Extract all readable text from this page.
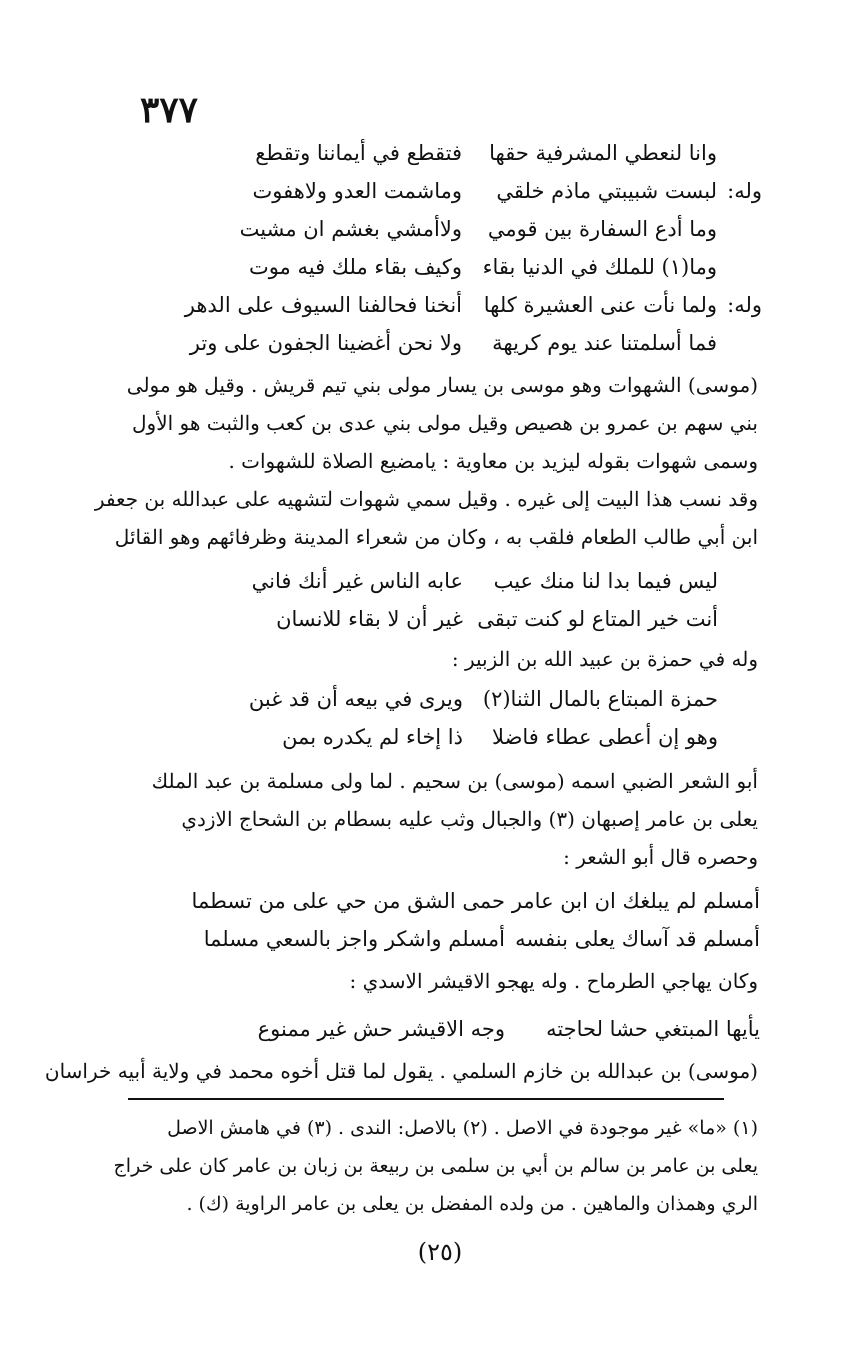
٣٧٧
وانا لنعطي المشرفية حقها
فتقطع في أيماننا وتقطع
وله:
لبست شبيبتي ماذم خلقي
وماشمت العدو ولاهفوت
وما أدع السفارة بين قومي
ولاأمشي بغشم ان مشيت
وما(١) للملك في الدنيا بقاء
وكيف بقاء ملك فيه موت
وله:
ولما نأت عنى العشيرة كلها
أنخنا فحالفنا السيوف على الدهر
فما أسلمتنا عند يوم كريهة
ولا نحن أغضينا الجفون على وتر
(موسى) الشهوات وهو موسى بن يسار مولى بني تيم قريش . وقيل هو مولى
بني سهم بن عمرو بن هصيص وقيل مولى بني عدى بن كعب والثبت هو الأول
وسمى شهوات بقوله ليزيد بن معاوية : يامضيع الصلاة للشهوات .
وقد نسب هذا البيت إلى غيره . وقيل سمي شهوات لتشهيه على عبدالله بن جعفر
ابن أبي طالب الطعام فلقب به ، وكان من شعراء المدينة وظرفائهم وهو القائل
ليس فيما بدا لنا منك عيب
عابه الناس غير أنك فاني
أنت خير المتاع لو كنت تبقى
غير أن لا بقاء للانسان
وله في حمزة بن عبيد الله بن الزبير :
حمزة المبتاع بالمال الثنا(٢)
ويرى في بيعه أن قد غبن
وهو إن أعطى عطاء فاضلا
ذا إخاء لم يكدره بمن
أبو الشعر الضبي اسمه (موسى) بن سحيم . لما ولى مسلمة بن عبد الملك
يعلى بن عامر إصبهان (٣) والجبال وثب عليه بسطام بن الشحاج الازدي
وحصره قال أبو الشعر :
أمسلم لم يبلغك ان ابن عامر
حمى الشق من حي على من تسطما
أمسلم قد آساك يعلى بنفسه
أمسلم واشكر واجز بالسعي مسلما
وكان يهاجي الطرماح . وله يهجو الاقيشر الاسدي :
يأيها المبتغي حشا لحاجته
وجه الاقيشر حش غير ممنوع
(موسى) بن عبدالله بن خازم السلمي . يقول لما قتل أخوه محمد في ولاية أبيه خراسان
(١) «ما» غير موجودة في الاصل . (٢) بالاصل: الندى . (٣) في هامش الاصل
يعلى بن عامر بن سالم بن أبي بن سلمى بن ربيعة بن زبان بن عامر كان على خراج
الري وهمذان والماهين . من ولده المفضل بن يعلى بن عامر الراوية (ك) .
(٢٥)
